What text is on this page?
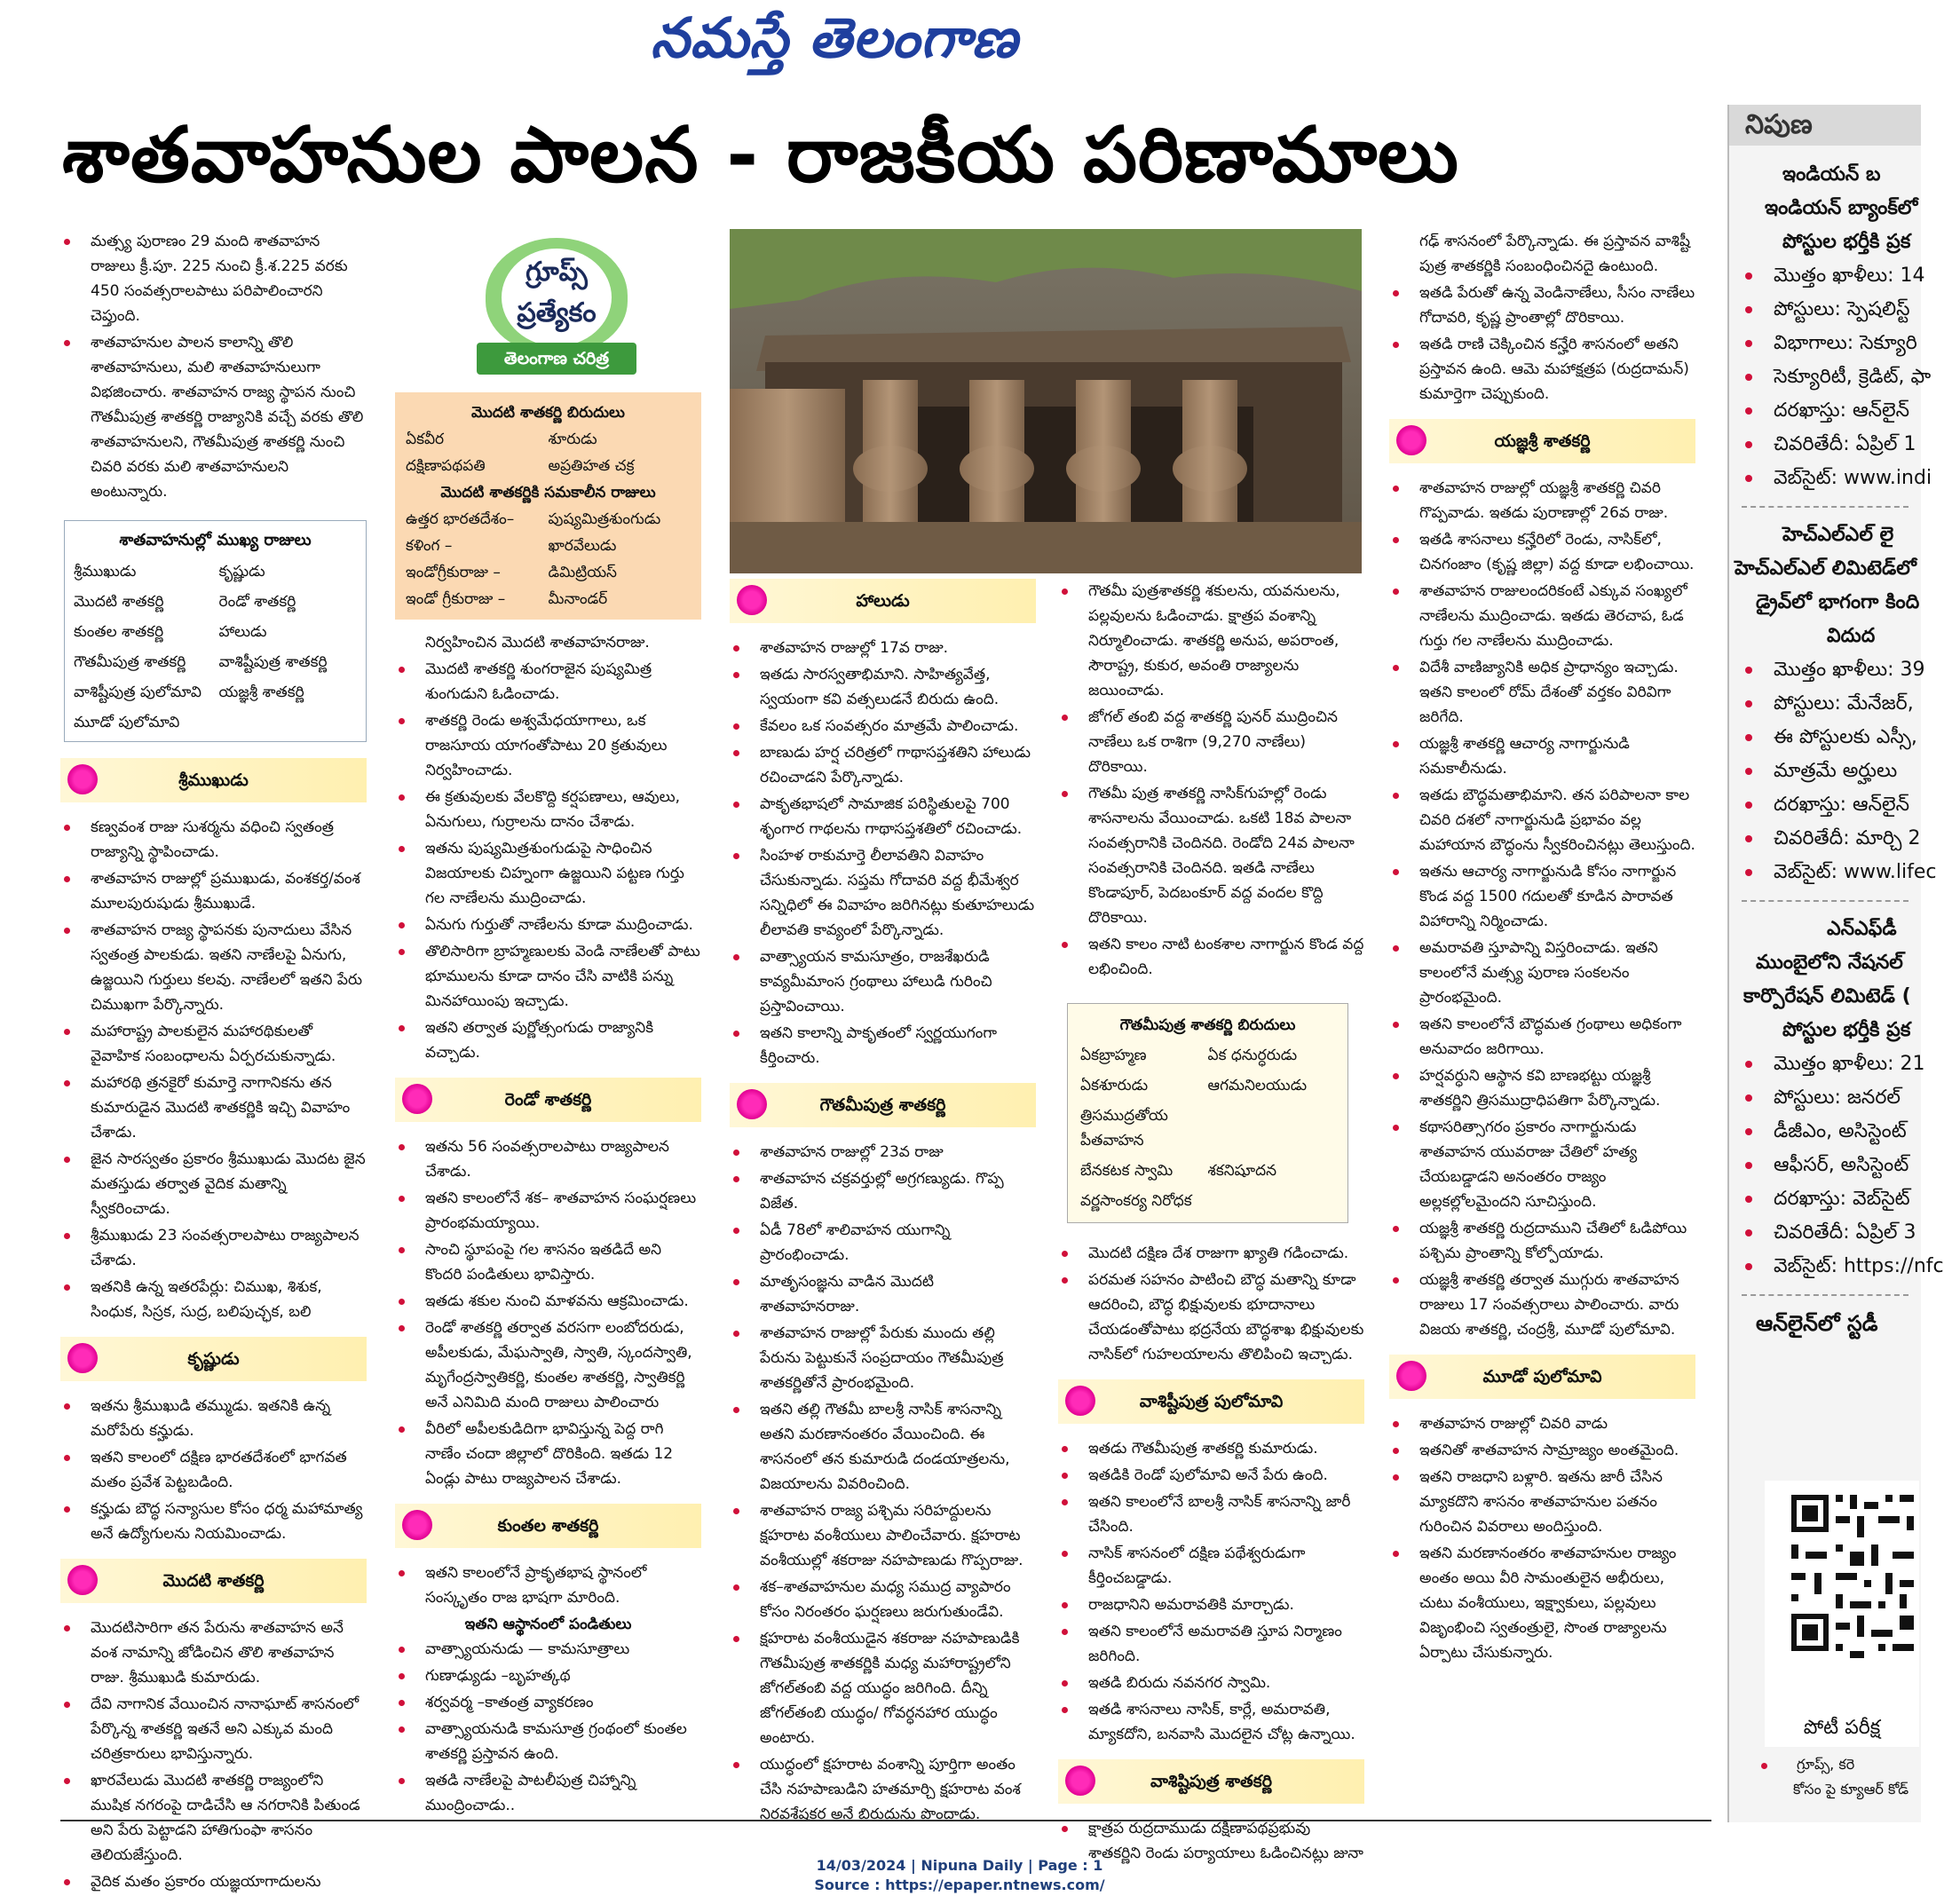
నమస్తే తెలంగాణ
శాతవాహనుల పాలన - రాజకీయ పరిణామాలు
మత్స్య పురాణం 29 మంది శాతవాహన రాజులు క్రీ.పూ. 225 నుంచి క్రీ.శ.225 వరకు 450 సంవత్సరాలపాటు పరిపాలించారని చెప్తుంది.
శాతవాహనుల పాలన కాలాన్ని తొలి శాతవాహనులు, మలి శాతవాహనులుగా విభజించారు. శాతవాహన రాజ్య స్థాపన నుంచి గౌతమీపుత్ర శాతకర్ణి రాజ్యానికి వచ్చే వరకు తొలి శాతవాహనులని, గౌతమీపుత్ర శాతకర్ణి నుంచి చివరి వరకు మలి శాతవాహనులని అంటున్నారు.
శాతవాహనుల్లో ముఖ్య రాజులు
శ్రీముఖుడు	కృష్ణుడు
మొదటి శాతకర్ణి	రెండో శాతకర్ణి
కుంతల శాతకర్ణి	హాలుడు
గౌతమీపుత్ర శాతకర్ణి	వాశిష్టీపుత్ర శాతకర్ణి
వాశిష్టీపుత్ర పులోమావి	యజ్ఞశ్రీ శాతకర్ణి
మూడో పులోమావి
శ్రీముఖుడు
కణ్వవంశ రాజు సుశర్మను వధించి స్వతంత్ర రాజ్యాన్ని స్థాపించాడు.
శాతవాహన రాజుల్లో ప్రముఖుడు, వంశకర్త/వంశ మూలపురుషుడు శ్రీముఖుడే.
శాతవాహన రాజ్య స్థాపనకు పునాదులు వేసిన స్వతంత్ర పాలకుడు. ఇతని నాణేలపై ఏనుగు, ఉజ్జయిని గుర్తులు కలవు. నాణేలలో ఇతని పేరు చిముఖగా పేర్కొన్నారు.
మహారాష్ట్ర పాలకులైన మహారథికులతో వైవాహిక సంబంధాలను ఏర్పరచుకున్నాడు.
మహారథి త్రనకైరో కుమార్తె నాగానికను తన కుమారుడైన మొదటి శాతకర్ణికి ఇచ్చి వివాహం చేశాడు.
జైన సారస్వతం ప్రకారం శ్రీముఖుడు మొదట జైన మతస్తుడు తర్వాత వైదిక మతాన్ని స్వీకరించాడు.
శ్రీముఖుడు 23 సంవత్సరాలపాటు రాజ్యపాలన చేశాడు.
ఇతనికి ఉన్న ఇతరపేర్లు: చిముఖ, శిశుక, సింధుక, సిస్రక, సుద్ర, బలిపుచ్ఛక, బలి
కృష్ణుడు
ఇతను శ్రీముఖుడి తమ్ముడు. ఇతనికి ఉన్న మరోపేరు కన్హుడు.
ఇతని కాలంలో దక్షిణ భారతదేశంలో భాగవత మతం ప్రవేశ పెట్టబడింది.
కన్హుడు బౌద్ధ సన్యాసుల కోసం ధర్మ మహామాత్య అనే ఉద్యోగులను నియమించాడు.
మొదటి శాతకర్ణి
మొదటిసారిగా తన పేరును శాతవాహన అనే వంశ నామాన్ని జోడించిన తొలి శాతవాహన రాజు. శ్రీముఖుడి కుమారుడు.
దేవి నాగానిక వేయించిన నానాఘాట్ శాసనంలో పేర్కొన్న శాతకర్ణి ఇతనే అని ఎక్కువ మంది చరిత్రకారులు భావిస్తున్నారు.
ఖారవేలుడు మొదటి శాతకర్ణి రాజ్యంలోని ముషిక నగరంపై దాడిచేసి ఆ నగరానికి పితుండ అని పేరు పెట్టాడని హాతిగుంఫా శాసనం తెలియజేస్తుంది.
వైదిక మతం ప్రకారం యజ్ఞయాగాదులను
గ్రూప్స్
ప్రత్యేకం
తెలంగాణ చరిత్ర
మొదటి శాతకర్ణి బిరుదులు
ఏకవీర	శూరుడు
దక్షిణాపథపతి	అప్రతిహత చక్ర
మొదటి శాతకర్ణికి సమకాలీన రాజులు
ఉత్తర భారతదేశం–	పుష్యమిత్రశుంగుడు
కళింగ –	ఖారవేలుడు
ఇండోగ్రీకురాజు –	డిమిట్రియస్
ఇండో గ్రీకురాజు –	మీనాండర్
నిర్వహించిన మొదటి శాతవాహనరాజు.
మొదటి శాతకర్ణి శుంగరాజైన పుష్యమిత్ర శుంగుడుని ఓడించాడు.
శాతకర్ణి రెండు అశ్వమేధయాగాలు, ఒక రాజసూయ యాగంతోపాటు 20 క్రతువులు నిర్వహించాడు.
ఈ క్రతువులకు వేలకొద్ది కర్షపణాలు, ఆవులు, ఏనుగులు, గుర్రాలను దానం చేశాడు.
ఇతను పుష్యమిత్రశుంగుడుపై సాధించిన విజయాలకు చిహ్నంగా ఉజ్జయిని పట్టణ గుర్తు గల నాణేలను ముద్రించాడు.
ఏనుగు గుర్తుతో నాణేలను కూడా ముద్రించాడు.
తొలిసారిగా బ్రాహ్మణులకు వెండి నాణేలతో పాటు భూములను కూడా దానం చేసి వాటికి పన్ను మినహాయింపు ఇచ్చాడు.
ఇతని తర్వాత పుర్ణోత్సంగుడు రాజ్యానికి వచ్చాడు.
రెండో శాతకర్ణి
ఇతను 56 సంవత్సరాలపాటు రాజ్యపాలన చేశాడు.
ఇతని కాలంలోనే శక– శాతవాహన సంఘర్షణలు ప్రారంభమయ్యాయి.
సాంచి స్థూపంపై గల శాసనం ఇతడిదే అని కొందరి పండితులు భావిస్తారు.
ఇతడు శకుల నుంచి మాళవను ఆక్రమించాడు.
రెండో శాతకర్ణి తర్వాత వరసగా లంబోదరుడు, అపీలకుడు, మేఘస్వాతి, స్వాతి, స్కందస్వాతి, మృగేంద్రస్వాతికర్ణి, కుంతల శాతకర్ణి, స్వాతికర్ణి అనే ఎనిమిది మంది రాజులు పాలించారు
వీరిలో అపీలకుడిదిగా భావిస్తున్న పెద్ద రాగి నాణేం చందా జిల్లాలో దొరికింది. ఇతడు 12 ఏండ్లు పాటు రాజ్యపాలన చేశాడు.
కుంతల శాతకర్ణి
ఇతని కాలంలోనే ప్రాకృతభాష స్థానంలో సంస్కృతం రాజ భాషగా మారింది.
ఇతని ఆస్థానంలో పండితులు
వాత్స్యాయనుడు — కామసూత్రాలు
గుణాఢ్యుడు –బృహత్కథ
శర్వవర్మ –కాతంత్ర వ్యాకరణం
వాత్స్యాయనుడి కామసూత్ర గ్రంథంలో కుంతల శాతకర్ణి ప్రస్తావన ఉంది.
ఇతడి నాణేలపై పాటలీపుత్ర చిహ్నాన్ని ముంద్రించాడు..
హాలుడు
శాతవాహన రాజుల్లో 17వ రాజు.
ఇతడు సారస్వతాభిమాని. సాహిత్యవేత్త, స్వయంగా కవి వత్సలుడనే బిరుదు ఉంది.
కేవలం ఒక సంవత్సరం మాత్రమే పాలించాడు.
బాణుడు హర్ష చరిత్రలో గాథాసప్తశతిని హాలుడు రచించాడని పేర్కొన్నాడు.
పాకృతభాషలో సామాజిక పరిస్థితులపై 700 శృంగార గాథలను గాథాసప్తశతిలో రచించాడు.
సింహళ రాకుమార్తె లీలావతిని వివాహం చేసుకున్నాడు. సప్తమ గోదావరి వద్ద భీమేశ్వర సన్నిధిలో ఈ వివాహం జరిగినట్లు కుతూహలుడు లీలావతి కావ్యంలో పేర్కొన్నాడు.
వాత్స్యాయన కామసూత్రం, రాజశేఖరుడి కావ్యమీమాంస గ్రంథాలు హాలుడి గురించి ప్రస్తావించాయి.
ఇతని కాలాన్ని పాకృతంలో స్వర్ణయుగంగా కీర్తించారు.
గౌతమీపుత్ర శాతకర్ణి
శాతవాహన రాజుల్లో 23వ రాజు
శాతవాహన చక్రవర్తుల్లో అగ్రగణ్యుడు. గొప్ప విజేత.
ఏడీ 78లో శాలివాహన యుగాన్ని ప్రారంభించాడు.
మాతృసంజ్ఞను వాడిన మొదటి శాతవాహనరాజు.
శాతవాహన రాజుల్లో పేరుకు ముందు తల్లి పేరును పెట్టుకునే సంప్రదాయం గౌతమీపుత్ర శాతకర్ణితోనే ప్రారంభమైంది.
ఇతని తల్లి గౌతమీ బాలశ్రీ నాసిక్ శాసనాన్ని అతని మరణానంతరం వేయించింది. ఈ శాసనంలో తన కుమారుడి దండయాత్రలను, విజయాలను వివరించింది.
శాతవాహన రాజ్య పశ్చిమ సరిహద్దులను క్షహరాట వంశీయులు పాలించేవారు. క్షహరాట వంశీయుల్లో శకరాజు నహపాణుడు గొప్పరాజు.
శక–శాతవాహనుల మధ్య సముద్ర వ్యాపారం కోసం నిరంతరం ఘర్షణలు జరుగుతుండేవి.
క్షహరాట వంశీయుడైన శకరాజు నహపాణుడికి గౌతమీపుత్ర శాతకర్ణికి మధ్య మహారాష్ట్రలోని జోగల్‌తంబి వద్ద యుద్ధం జరిగింది. దీన్ని జోగల్‌తంబి యుద్ధం/ గోవర్ధనహార యుద్ధం అంటారు.
యుద్ధంలో క్షహరాట వంశాన్ని పూర్తిగా అంతం చేసి నహపాణుడిని హతమార్చి క్షహరాట వంశ నిరవశేషకర అనే బిరుదును పొందాడు.
గౌతమీ పుత్రశాతకర్ణి శకులను, యవనులను, పల్లవులను ఓడించాడు. క్షాత్రప వంశాన్ని నిర్మూలించాడు. శాతకర్ణి అనుప, అపరాంత, సౌరాష్ట్ర, కుకుర, అవంతి రాజ్యాలను జయించాడు.
జోగల్ తంబి వద్ద శాతకర్ణి పునర్ ముద్రించిన నాణేలు ఒక రాశిగా (9,270 నాణేలు) దొరికాయి.
గౌతమీ పుత్ర శాతకర్ణి నాసిక్‌గుహల్లో రెండు శాసనాలను వేయించాడు. ఒకటి 18వ పాలనా సంవత్సరానికి చెందినది. రెండోది 24వ పాలనా సంవత్సరానికి చెందినది. ఇతడి నాణేలు కొండాపూర్, పెదబంకూర్ వద్ద వందల కొద్ది దొరికాయి.
ఇతని కాలం నాటి టంకశాల నాగార్జున కొండ వద్ద లభించింది.
గౌతమీపుత్ర శాతకర్ణి బిరుదులు
ఏకబ్రాహ్మణ	ఏక ధనుర్ధరుడు
ఏకశూరుడు	ఆగమనిలయుడు
త్రిసముద్రతోయ పీతవాహన
బేనకటక స్వామి	శకనిషూదన
వర్ణసాంకర్య నిరోధక
మొదటి దక్షిణ దేశ రాజుగా ఖ్యాతి గడించాడు.
పరమత సహనం పాటించి బౌద్ధ మతాన్ని కూడా ఆదరించి, బౌద్ధ భిక్షువులకు భూదానాలు చేయడంతోపాటు భద్రనేయ బౌద్ధశాఖ భిక్షువులకు నాసిక్‌లో గుహలయాలను తొలిపించి ఇచ్చాడు.
వాశిష్టీపుత్ర పులోమావి
ఇతడు గౌతమీపుత్ర శాతకర్ణి కుమారుడు.
ఇతడికి రెండో పులోమావి అనే పేరు ఉంది.
ఇతని కాలంలోనే బాలశ్రీ నాసిక్ శాసనాన్ని జారీ చేసింది.
నాసిక్ శాసనంలో దక్షిణ పథేశ్వరుడుగా కీర్తించబడ్డాడు.
రాజధానిని అమరావతికి మార్చాడు.
ఇతని కాలంలోనే అమరావతి స్తూప నిర్మాణం జరిగింది.
ఇతడి బిరుదు నవనగర స్వామి.
ఇతడి శాసనాలు నాసిక్, కార్లే, అమరావతి, మ్యాకదోని, బనవాసి మొదలైన చోట్ల ఉన్నాయి.
వాశిష్టిపుత్ర శాతకర్ణి
క్షాత్రప రుద్రదాముడు దక్షిణాపథప్రభువు శాతకర్ణిని రెండు పర్యాయాలు ఓడించినట్లు జునా
గఢ్ శాసనంలో పేర్కొన్నాడు. ఈ ప్రస్తావన వాశిష్టీ పుత్ర శాతకర్ణికి సంబంధించినదై ఉంటుంది.
ఇతడి పేరుతో ఉన్న వెండినాణేలు, సీసం నాణేలు గోదావరి, కృష్ణ ప్రాంతాల్లో దొరికాయి.
ఇతడి రాణి చెక్కించిన కన్హేరి శాసనంలో అతని ప్రస్తావన ఉంది. ఆమె మహాక్షత్రప (రుద్రదామన్) కుమార్తెగా చెప్పుకుంది.
యజ్ఞశ్రీ శాతకర్ణి
శాతవాహన రాజుల్లో యజ్ఞశ్రీ శాతకర్ణి చివరి గొప్పవాడు. ఇతడు పురాణాల్లో 26వ రాజు.
ఇతడి శాసనాలు కన్హేరిలో రెండు, నాసిక్‌లో, చినగంజాం (కృష్ణ జిల్లా) వద్ద కూడా లభించాయి.
శాతవాహన రాజులందరికంటే ఎక్కువ సంఖ్యలో నాణేలను ముద్రించాడు. ఇతడు తెరచాప, ఓడ గుర్తు గల నాణేలను ముద్రించాడు.
విదేశీ వాణిజ్యానికి అధిక ప్రాధాన్యం ఇచ్చాడు. ఇతని కాలంలో రోమ్ దేశంతో వర్తకం విరివిగా జరిగేది.
యజ్ఞశ్రీ శాతకర్ణి ఆచార్య నాగార్జునుడి సమకాలీనుడు.
ఇతడు బౌద్ధమతాభిమాని. తన పరిపాలనా కాల చివరి దశలో నాగార్జునుడి ప్రభావం వల్ల మహాయాన బౌద్ధంను స్వీకరించినట్లు తెలుస్తుంది.
ఇతను ఆచార్య నాగార్జునుడి కోసం నాగార్జున కొండ వద్ద 1500 గదులతో కూడిన పారావత విహారాన్ని నిర్మించాడు.
అమరావతి స్తూపాన్ని విస్తరించాడు. ఇతని కాలంలోనే మత్స్య పురాణ సంకలనం ప్రారంభమైంది.
ఇతని కాలంలోనే బౌద్ధమత గ్రంథాలు అధికంగా అనువాదం జరిగాయి.
హర్షవర్ధుని ఆస్థాన కవి బాణభట్టు యజ్ఞశ్రీ శాతకర్ణిని త్రిసముద్రాధిపతిగా పేర్కొన్నాడు.
కథాసరిత్సాగరం ప్రకారం నాగార్జునుడు శాతవాహన యువరాజు చేతిలో హత్య చేయబడ్డాడని అనంతరం రాజ్యం అల్లకల్లోలమైందని సూచిస్తుంది.
యజ్ఞశ్రీ శాతకర్ణి రుద్రదాముని చేతిలో ఓడిపోయి పశ్చిమ ప్రాంతాన్ని కోల్పోయాడు.
యజ్ఞశ్రీ శాతకర్ణి తర్వాత ముగ్గురు శాతవాహన రాజులు 17 సంవత్సరాలు పాలించారు. వారు విజయ శాతకర్ణి, చంద్రశ్రీ, మూడో పులోమావి.
మూడో పులోమావి
శాతవాహన రాజుల్లో చివరి వాడు
ఇతనితో శాతవాహన సామ్రాజ్యం అంతమైంది.
ఇతని రాజధాని బళ్లారి. ఇతను జారీ చేసిన మ్యాకదొని శాసనం శాతవాహనుల పతనం గురించిన వివరాలు అందిస్తుంది.
ఇతని మరణానంతరం శాతవాహనుల రాజ్యం అంతం అయి వీరి సామంతులైన అభీరులు, చుటు వంశీయులు, ఇక్ష్వాకులు, పల్లవులు విజృంభించి స్వతంత్రులై, సొంత రాజ్యాలను ఏర్పాటు చేసుకున్నారు.
నిపుణ
ఇండియన్ బ
ఇండియన్ బ్యాంక్‌లో
పోస్టుల భర్తీకి ప్రక
మొత్తం ఖాళీలు: 14
పోస్టులు: స్పెషలిస్ట్
విభాగాలు: సెక్యూరి
సెక్యూరిటీ, క్రెడిట్, ఫా
దరఖాస్తు: ఆన్‌లైన్
చివరితేదీ: ఏప్రిల్ 1
వెబ్‌సైట్: www.indi
హెచ్‌ఎల్‌ఎల్ లై
హెచ్‌ఎల్‌ఎల్ లిమిటెడ్‌లో
డ్రైవ్‌లో భాగంగా కింది
విదుద
మొత్తం ఖాళీలు: 39
పోస్టులు: మేనేజర్,
ఈ పోస్టులకు ఎస్సీ,
మాత్రమే అర్హులు
దరఖాస్తు: ఆన్‌లైన్
చివరితేదీ: మార్చి 2
వెబ్‌సైట్: www.lifec
ఎన్‌ఎఫ్‌డీ
ముంబైలోని నేషనల్
కార్పొరేషన్ లిమిటెడ్ (
పోస్టుల భర్తీకి ప్రక
మొత్తం ఖాళీలు: 21
పోస్టులు: జనరల్
డీజీఎం, అసిస్టెంట్
ఆఫీసర్, అసిస్టెంట్
దరఖాస్తు: వెబ్‌సైట్
చివరితేదీ: ఏప్రిల్ 3
వెబ్‌సైట్: https://nfc
ఆన్‌లైన్‌లో స్టడీ
పోటీ పరీక్ష
గ్రూప్స్, కరె
కోసం పై క్యూఆర్ కోడ్
14/03/2024 | Nipuna Daily | Page : 1
Source : https://epaper.ntnews.com/
